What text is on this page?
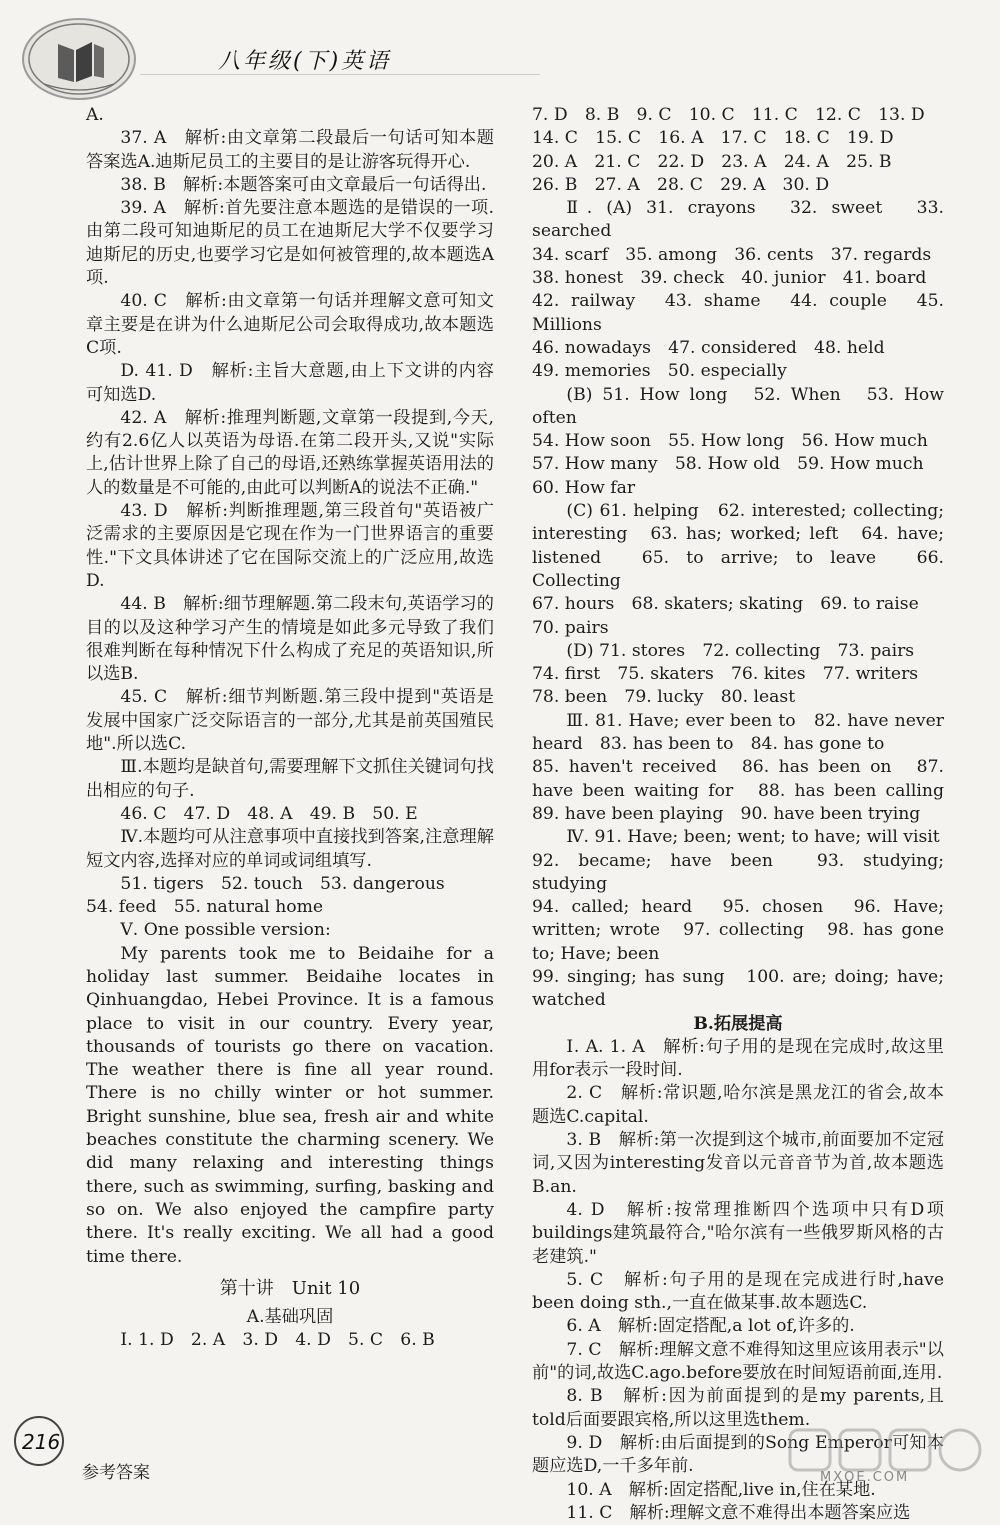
八年级(下)英语

A.

37. A　解析:由文章第二段最后一句话可知本题答案选A.迪斯尼员工的主要目的是让游客玩得开心.

38. B　解析:本题答案可由文章最后一句话得出.

39. A　解析:首先要注意本题选的是错误的一项.由第二段可知迪斯尼的员工在迪斯尼大学不仅要学习迪斯尼的历史,也要学习它是如何被管理的,故本题选A项.

40. C　解析:由文章第一句话并理解文意可知文章主要是在讲为什么迪斯尼公司会取得成功,故本题选C项.

D. 41. D　解析:主旨大意题,由上下文讲的内容可知选D.

42. A　解析:推理判断题,文章第一段提到,今天,约有2.6亿人以英语为母语.在第二段开头,又说"实际上,估计世界上除了自己的母语,还熟练掌握英语用法的人的数量是不可能的,由此可以判断A的说法不正确."

43. D　解析:判断推理题,第三段首句"英语被广泛需求的主要原因是它现在作为一门世界语言的重要性."下文具体讲述了它在国际交流上的广泛应用,故选D.

44. B　解析:细节理解题.第二段末句,英语学习的目的以及这种学习产生的情境是如此多元导致了我们很难判断在每种情况下什么构成了充足的英语知识,所以选B.

45. C　解析:细节判断题.第三段中提到"英语是发展中国家广泛交际语言的一部分,尤其是前英国殖民地".所以选C.

Ⅲ.本题均是缺首句,需要理解下文抓住关键词句找出相应的句子.

46. C　47. D　48. A　49. B　50. E

Ⅳ.本题均可从注意事项中直接找到答案,注意理解短文内容,选择对应的单词或词组填写.

51. tigers　52. touch　53. dangerous

54. feed　55. natural home

Ⅴ. One possible version:

My parents took me to Beidaihe for a holiday last summer. Beidaihe locates in Qinhuangdao, Hebei Province. It is a famous place to visit in our country. Every year, thousands of tourists go there on vacation. The weather there is fine all year round. There is no chilly winter or hot summer. Bright sunshine, blue sea, fresh air and white beaches constitute the charming scenery. We did many relaxing and interesting things there, such as swimming, surfing, basking and so on. We also enjoyed the campfire party there. It's really exciting. We all had a good time there.

第十讲　Unit 10

A.基础巩固

Ⅰ. 1. D　2. A　3. D　4. D　5. C　6. B

7. D　8. B　9. C　10. C　11. C　12. C　13. D

14. C　15. C　16. A　17. C　18. C　19. D

20. A　21. C　22. D　23. A　24. A　25. B

26. B　27. A　28. C　29. A　30. D

Ⅱ. (A) 31. crayons　32. sweet　33. searched

34. scarf　35. among　36. cents　37. regards

38. honest　39. check　40. junior　41. board

42. railway　43. shame　44. couple　45. Millions

46. nowadays　47. considered　48. held

49. memories　50. especially

(B) 51. How long　52. When　53. How often

54. How soon　55. How long　56. How much

57. How many　58. How old　59. How much

60. How far

(C) 61. helping　62. interested; collecting; interesting　63. has; worked; left　64. have; listened　65. to arrive; to leave　66. Collecting

67. hours　68. skaters; skating　69. to raise

70. pairs

(D) 71. stores　72. collecting　73. pairs

74. first　75. skaters　76. kites　77. writers

78. been　79. lucky　80. least

Ⅲ. 81. Have; ever been to　82. have never heard　83. has been to　84. has gone to

85. haven't received　86. has been on　87. have been waiting for　88. has been calling　89. have been playing　90. have been trying

Ⅳ. 91. Have; been; went; to have; will visit

92. became; have been　93. studying; studying

94. called; heard　95. chosen　96. Have; written; wrote　97. collecting　98. has gone to; Have; been

99. singing; has sung　100. are; doing; have; watched

B.拓展提高

Ⅰ. A. 1. A　解析:句子用的是现在完成时,故这里用for表示一段时间.

2. C　解析:常识题,哈尔滨是黑龙江的省会,故本题选C.capital.

3. B　解析:第一次提到这个城市,前面要加不定冠词,又因为interesting发音以元音音节为首,故本题选B.an.

4. D　解析:按常理推断四个选项中只有D项buildings建筑最符合,"哈尔滨有一些俄罗斯风格的古老建筑."

5. C　解析:句子用的是现在完成进行时,have been doing sth.,一直在做某事.故本题选C.

6. A　解析:固定搭配,a lot of,许多的.

7. C　解析:理解文意不难得知这里应该用表示"以前"的词,故选C.ago.before要放在时间短语前面,连用.

8. B　解析:因为前面提到的是my parents,且told后面要跟宾格,所以这里选them.

9. D　解析:由后面提到的Song Emperor可知本题应选D,一千多年前.

10. A　解析:固定搭配,live in,住在某地.

11. C　解析:理解文意不难得出本题答案应选

216
参考答案	MXQE.COM
